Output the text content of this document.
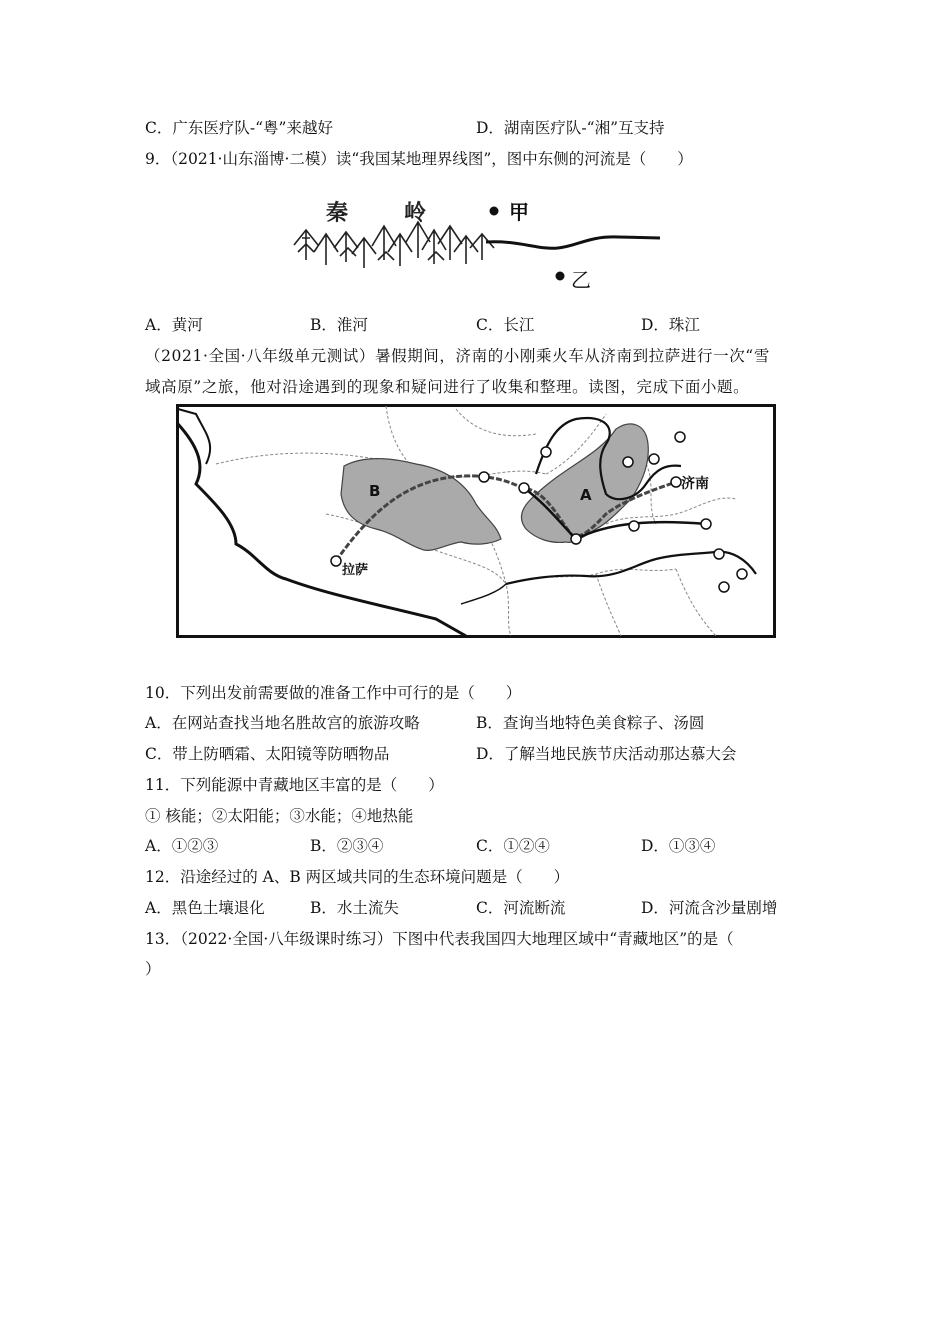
C．广东医疗队-“粤”来越好	D．湖南医疗队-“湘”互支持
9．（2021·山东淄博·二模）读“我国某地理界线图”，图中东侧的河流是（　　）
秦	岭	甲
乙
A．黄河	B．淮河	C．长江	D．珠江
（2021·全国·八年级单元测试）暑假期间，济南的小刚乘火车从济南到拉萨进行一次“雪
域高原”之旅，他对沿途遇到的现象和疑问进行了收集和整理。读图，完成下面小题。
B	A
济南
拉萨
10．下列出发前需要做的准备工作中可行的是（　　）
A．在网站查找当地名胜故宫的旅游攻略	B．查询当地特色美食粽子、汤圆
C．带上防晒霜、太阳镜等防晒物品	D．了解当地民族节庆活动那达慕大会
11．下列能源中青藏地区丰富的是（　　）
① 核能；②太阳能；③水能；④地热能
A．①②③	B．②③④	C．①②④	D．①③④
12．沿途经过的 A、B 两区域共同的生态环境问题是（　　）
A．黑色土壤退化	B．水土流失	C．河流断流	D．河流含沙量剧增
13．（2022·全国·八年级课时练习）下图中代表我国四大地理区域中“青藏地区”的是（
）
